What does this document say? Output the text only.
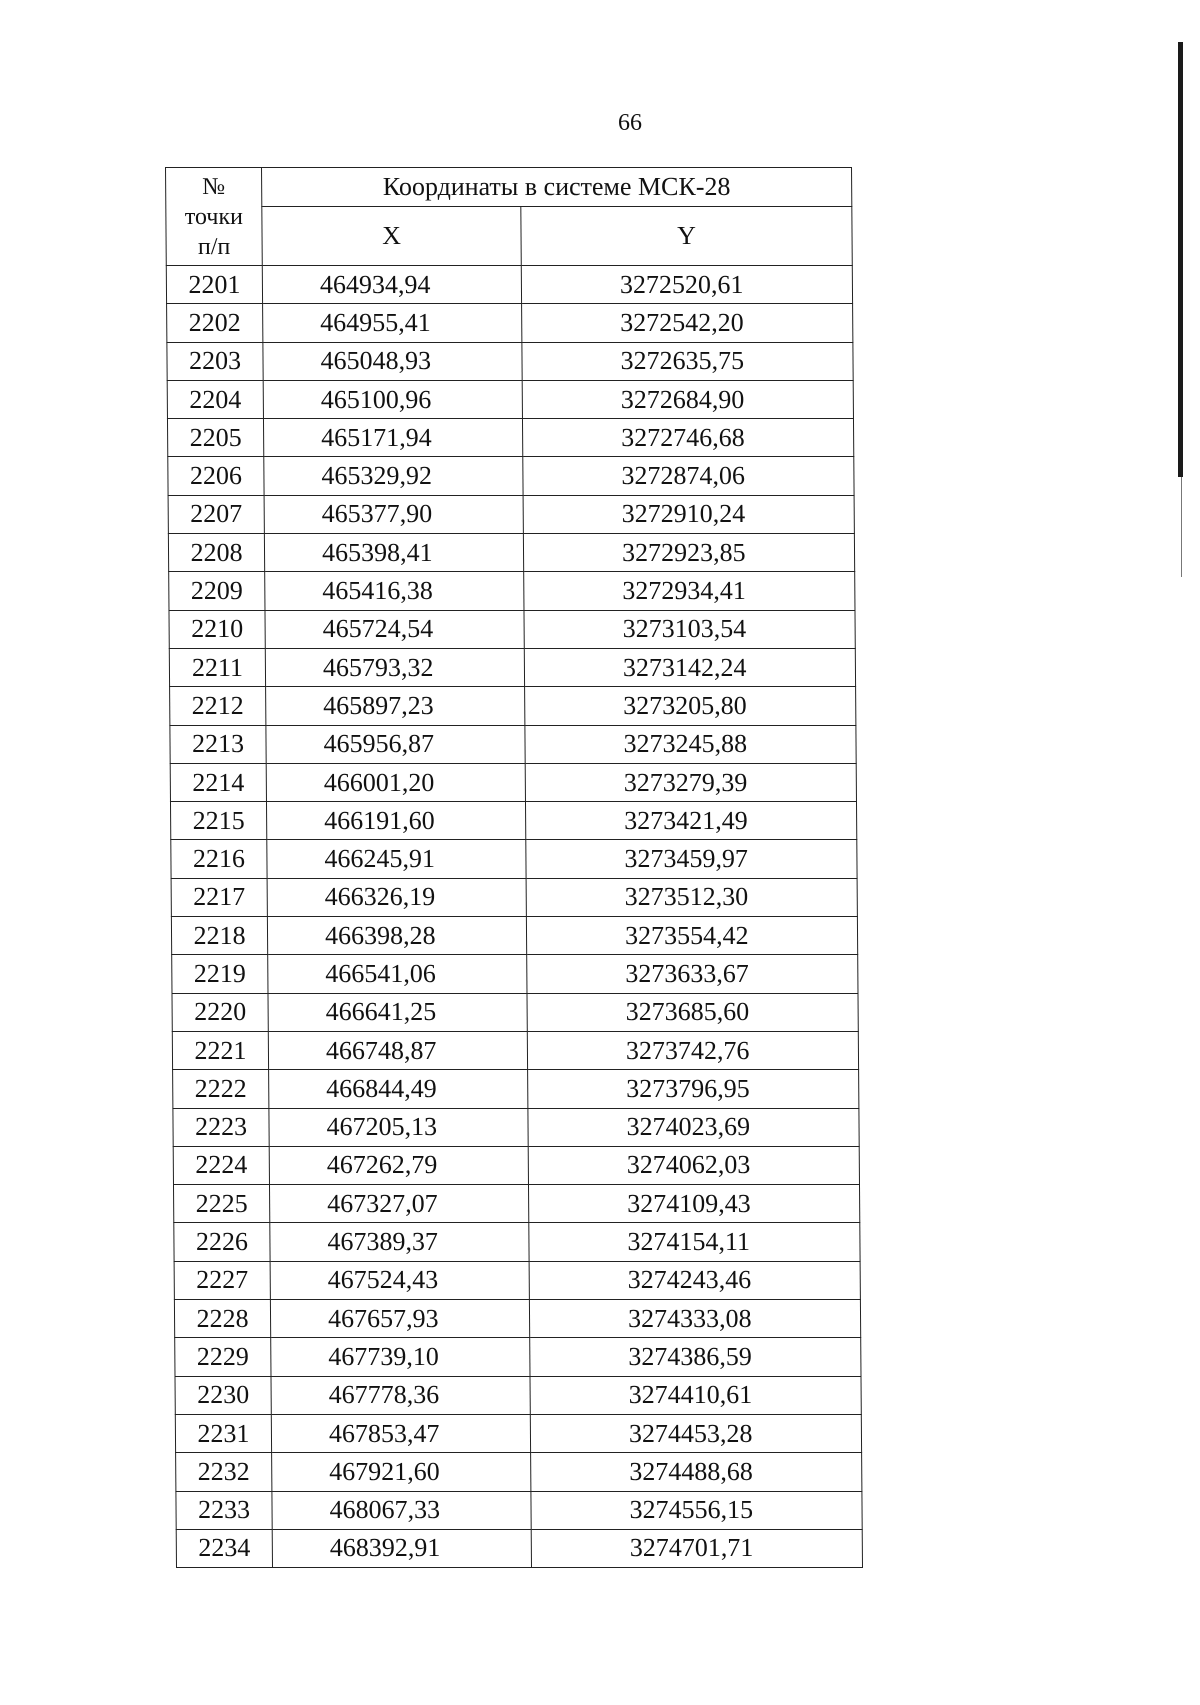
66
№
точки
п/п	Координаты в системе МСК-28	
	X	Y
2201	464934,94	3272520,61
2202	464955,41	3272542,20
2203	465048,93	3272635,75
2204	465100,96	3272684,90
2205	465171,94	3272746,68
2206	465329,92	3272874,06
2207	465377,90	3272910,24
2208	465398,41	3272923,85
2209	465416,38	3272934,41
2210	465724,54	3273103,54
2211	465793,32	3273142,24
2212	465897,23	3273205,80
2213	465956,87	3273245,88
2214	466001,20	3273279,39
2215	466191,60	3273421,49
2216	466245,91	3273459,97
2217	466326,19	3273512,30
2218	466398,28	3273554,42
2219	466541,06	3273633,67
2220	466641,25	3273685,60
2221	466748,87	3273742,76
2222	466844,49	3273796,95
2223	467205,13	3274023,69
2224	467262,79	3274062,03
2225	467327,07	3274109,43
2226	467389,37	3274154,11
2227	467524,43	3274243,46
2228	467657,93	3274333,08
2229	467739,10	3274386,59
2230	467778,36	3274410,61
2231	467853,47	3274453,28
2232	467921,60	3274488,68
2233	468067,33	3274556,15
2234	468392,91	3274701,71
